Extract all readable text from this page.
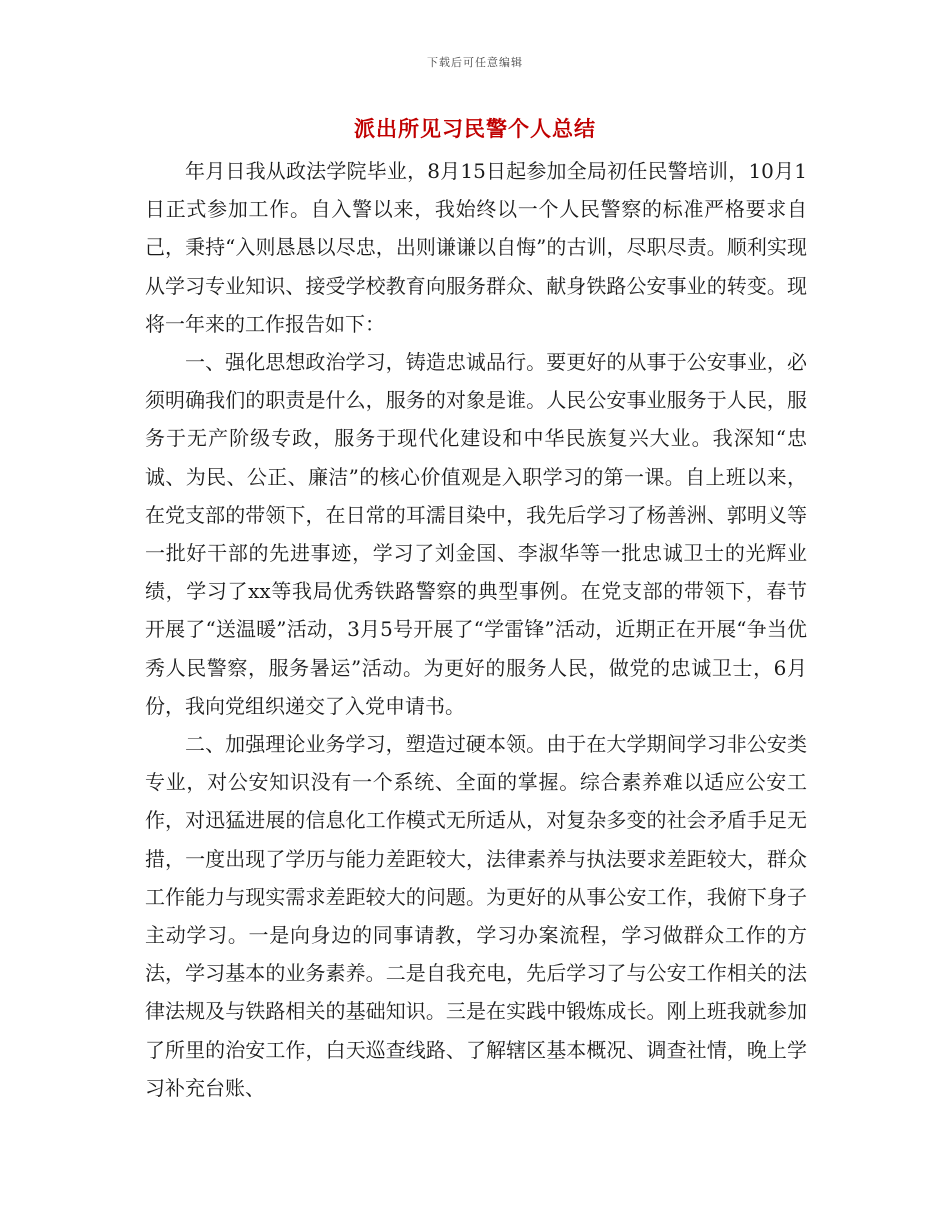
下载后可任意编辑
派出所见习民警个人总结

年月日我从政法学院毕业，8月15日起参加全局初任民警培训，10月1日正式参加工作。自入警以来，我始终以一个人民警察的标准严格要求自己，秉持“入则恳恳以尽忠，出则谦谦以自悔”的古训，尽职尽责。顺利实现从学习专业知识、接受学校教育向服务群众、献身铁路公安事业的转变。现将一年来的工作报告如下：

一、强化思想政治学习，铸造忠诚品行。要更好的从事于公安事业，必须明确我们的职责是什么，服务的对象是谁。人民公安事业服务于人民，服务于无产阶级专政，服务于现代化建设和中华民族复兴大业。我深知“忠诚、为民、公正、廉洁”的核心价值观是入职学习的第一课。自上班以来，在党支部的带领下，在日常的耳濡目染中，我先后学习了杨善洲、郭明义等一批好干部的先进事迹，学习了刘金国、李淑华等一批忠诚卫士的光辉业绩，学习了xx等我局优秀铁路警察的典型事例。在党支部的带领下，春节开展了“送温暖”活动，3月5号开展了“学雷锋”活动，近期正在开展“争当优秀人民警察，服务暑运”活动。为更好的服务人民，做党的忠诚卫士，6月份，我向党组织递交了入党申请书。

二、加强理论业务学习，塑造过硬本领。由于在大学期间学习非公安类专业，对公安知识没有一个系统、全面的掌握。综合素养难以适应公安工作，对迅猛进展的信息化工作模式无所适从，对复杂多变的社会矛盾手足无措，一度出现了学历与能力差距较大，法律素养与执法要求差距较大，群众工作能力与现实需求差距较大的问题。为更好的从事公安工作，我俯下身子主动学习。一是向身边的同事请教，学习办案流程，学习做群众工作的方法，学习基本的业务素养。二是自我充电，先后学习了与公安工作相关的法律法规及与铁路相关的基础知识。三是在实践中锻炼成长。刚上班我就参加了所里的治安工作，白天巡查线路、了解辖区基本概况、调查社情，晚上学习补充台账、
